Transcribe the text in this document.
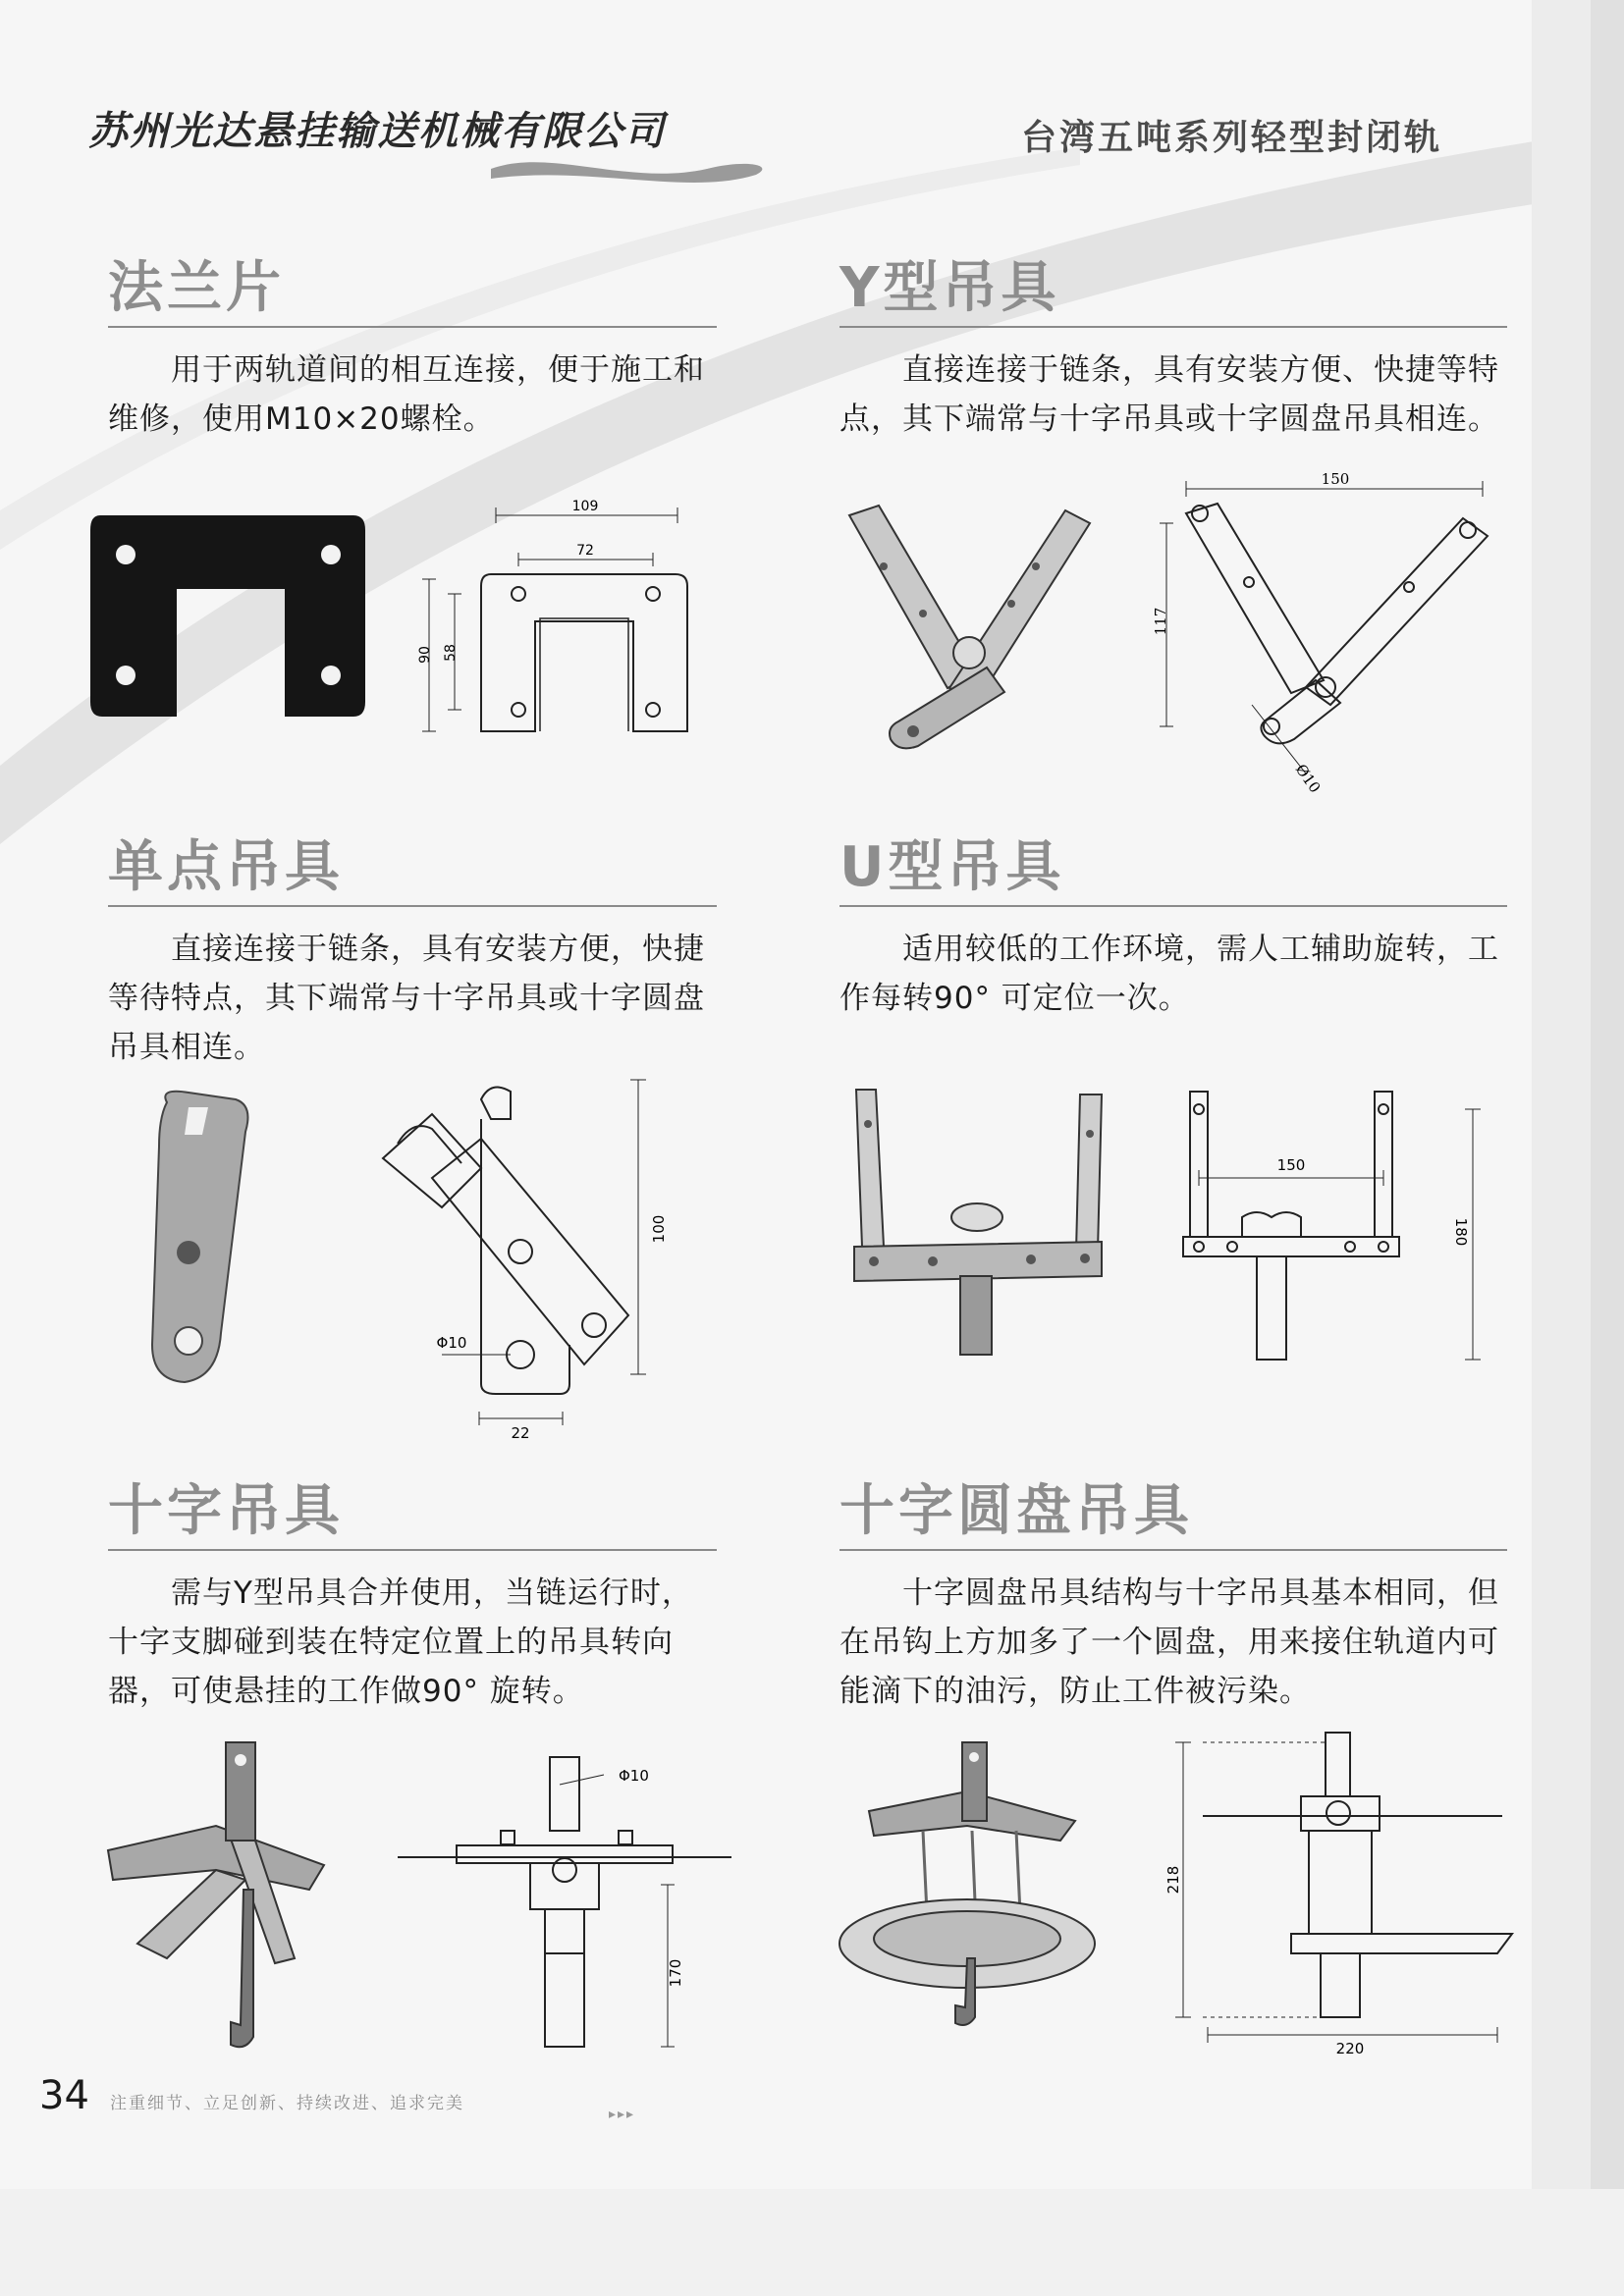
苏州光达悬挂输送机械有限公司	台湾五吨系列轻型封闭轨
法兰片
用于两轨道间的相互连接，便于施工和维修，使用M10×20螺栓。
109
72
90 58
Y型吊具
直接连接于链条，具有安装方便、快捷等特点，其下端常与十字吊具或十字圆盘吊具相连。
150
117
Ø10
单点吊具
直接连接于链条，具有安装方便，快捷等待特点，其下端常与十字吊具或十字圆盘吊具相连。
100
Φ10
22
U型吊具
适用较低的工作环境，需人工辅助旋转，工作每转90° 可定位一次。
150
180
十字吊具
需与Y型吊具合并使用，当链运行时，十字支脚碰到装在特定位置上的吊具转向器，可使悬挂的工作做90° 旋转。
Φ10
170
十字圆盘吊具
十字圆盘吊具结构与十字吊具基本相同，但在吊钩上方加多了一个圆盘，用来接住轨道内可能滴下的油污，防止工件被污染。
218
220
34 注重细节、立足创新、持续改进、追求完美
▸▸▸
